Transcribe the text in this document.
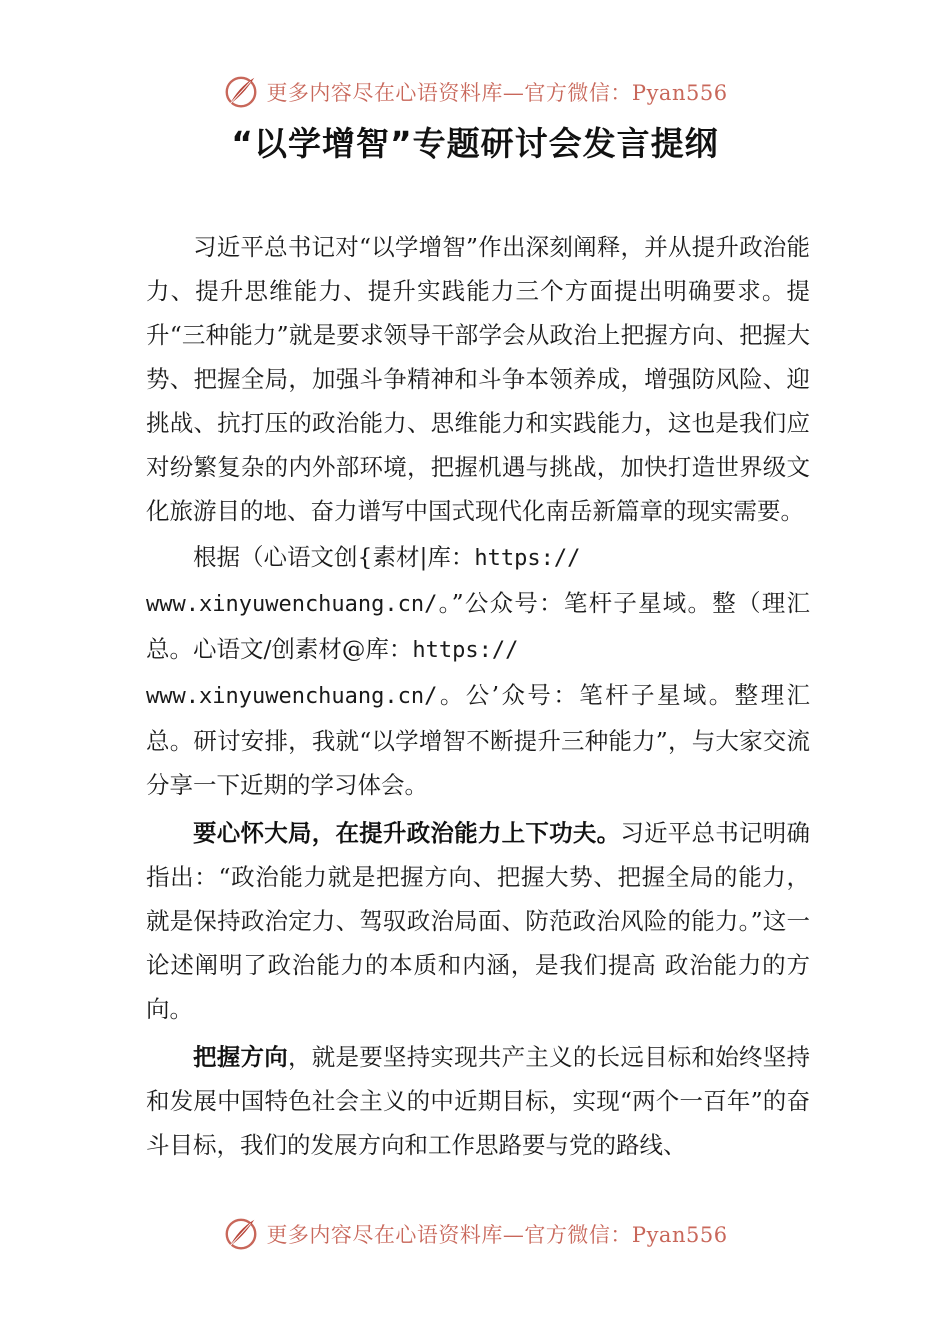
更多内容尽在心语资料库—官方微信：Pyan556
“以学增智”专题研讨会发言提纲

习近平总书记对“以学增智”作出深刻阐释，并从提升政治能力、提升思维能力、提升实践能力三个方面提出明确要求。提升“三种能力”就是要求领导干部学会从政治上把握方向、把握大势、把握全局，加强斗争精神和斗争本领养成，增强防风险、迎挑战、抗打压的政治能力、思维能力和实践能力，这也是我们应对纷繁复杂的内外部环境，把握机遇与挑战，加快打造世界级文化旅游目的地、奋力谱写中国式现代化南岳新篇章的现实需要。

根据（心语文创{素材|库：https://
www.xinyuwenchuang.cn/。”公众号：笔杆子星域。整（理汇总。心语文/创素材@库：https://
www.xinyuwenchuang.cn/。公’众号：笔杆子星域。整理汇总。研讨安排，我就“以学增智不断提升三种能力”，与大家交流分享一下近期的学习体会。

要心怀大局，在提升政治能力上下功夫。习近平总书记明确指出：“政治能力就是把握方向、把握大势、把握全局的能力，就是保持政治定力、驾驭政治局面、防范政治风险的能力。”这一论述阐明了政治能力的本质和内涵，是我们提高 政治能力的方向。

把握方向，就是要坚持实现共产主义的长远目标和始终坚持和发展中国特色社会主义的中近期目标，实现“两个一百年”的奋斗目标，我们的发展方向和工作思路要与党的路线、

更多内容尽在心语资料库—官方微信：Pyan556
